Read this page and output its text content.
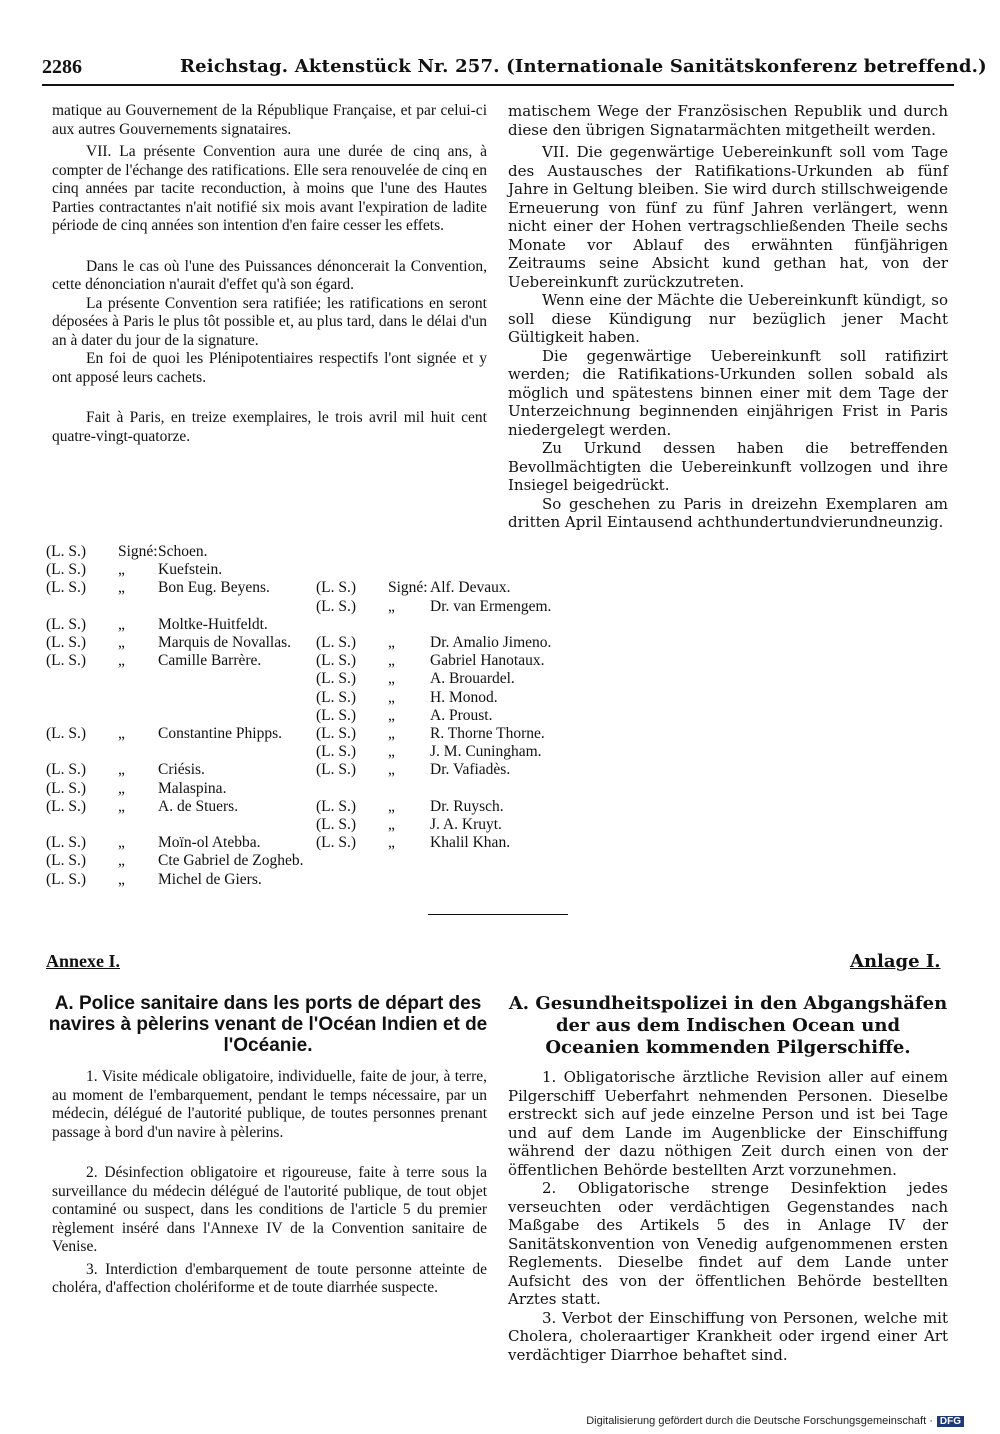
2286	Reichstag. Aktenstück Nr. 257. (Internationale Sanitätskonferenz betreffend.)

matique au Gouvernement de la République Française, et par celui-ci aux autres Gouvernements signataires.

VII. La présente Convention aura une durée de cinq ans, à compter de l'échange des ratifications. Elle sera renouvelée de cinq en cinq années par tacite reconduction, à moins que l'une des Hautes Parties contractantes n'ait notifié six mois avant l'expiration de ladite période de cinq années son intention d'en faire cesser les effets.

Dans le cas où l'une des Puissances dénoncerait la Convention, cette dénonciation n'aurait d'effet qu'à son égard.

La présente Convention sera ratifiée; les ratifications en seront déposées à Paris le plus tôt possible et, au plus tard, dans le délai d'un an à dater du jour de la signature.

En foi de quoi les Plénipotentiaires respectifs l'ont signée et y ont apposé leurs cachets.

Fait à Paris, en treize exemplaires, le trois avril mil huit cent quatre-vingt-quatorze.

matischem Wege der Französischen Republik und durch diese den übrigen Signatarmächten mitgetheilt werden.

VII. Die gegenwärtige Uebereinkunft soll vom Tage des Austausches der Ratifikations-Urkunden ab fünf Jahre in Geltung bleiben. Sie wird durch stillschweigende Erneuerung von fünf zu fünf Jahren verlängert, wenn nicht einer der Hohen vertragschließenden Theile sechs Monate vor Ablauf des erwähnten fünfjährigen Zeitraums seine Absicht kund gethan hat, von der Uebereinkunft zurückzutreten.

Wenn eine der Mächte die Uebereinkunft kündigt, so soll diese Kündigung nur bezüglich jener Macht Gültigkeit haben.

Die gegenwärtige Uebereinkunft soll ratifizirt werden; die Ratifikations-Urkunden sollen sobald als möglich und spätestens binnen einer mit dem Tage der Unterzeichnung beginnenden einjährigen Frist in Paris niedergelegt werden.

Zu Urkund dessen haben die betreffenden Bevollmächtigten die Uebereinkunft vollzogen und ihre Insiegel beigedrückt.

So geschehen zu Paris in dreizehn Exemplaren am dritten April Eintausend achthundertundvierundneunzig.

(L. S.) Signé: Schoen.
(L. S.) „ Kuefstein.
(L. S.) „ Bon Eug. Beyens.
(L. S.) „ Moltke-Huitfeldt.
(L. S.) „ Marquis de Novallas.
(L. S.) „ Camille Barrère.
(L. S.) „ Constantine Phipps.
(L. S.) „ Criésis.
(L. S.) „ Malaspina.
(L. S.) „ A. de Stuers.
(L. S.) „ Moïn-ol Atebba.
(L. S.) „ Cte Gabriel de Zogheb.
(L. S.) „ Michel de Giers.
(L. S.) Signé: Alf. Devaux.
(L. S.) „ Dr. van Ermengem.
(L. S.) „ Dr. Amalio Jimeno.
(L. S.) „ Gabriel Hanotaux.
(L. S.) „ A. Brouardel.
(L. S.) „ H. Monod.
(L. S.) „ A. Proust.
(L. S.) „ R. Thorne Thorne.
(L. S.) „ J. M. Cuningham.
(L. S.) „ Dr. Vafiadès.
(L. S.) „ Dr. Ruysch.
(L. S.) „ J. A. Kruyt.
(L. S.) „ Khalil Khan.
Annexe I.	Anlage I.
A. Police sanitaire dans les ports de départ des navires à pèlerins venant de l'Océan Indien et de l'Océanie.
A. Gesundheitspolizei in den Abgangshäfen der aus dem Indischen Ocean und Oceanien kommenden Pilgerschiffe.

1. Visite médicale obligatoire, individuelle, faite de jour, à terre, au moment de l'embarquement, pendant le temps nécessaire, par un médecin, délégué de l'autorité publique, de toutes personnes prenant passage à bord d'un navire à pèlerins.

2. Désinfection obligatoire et rigoureuse, faite à terre sous la surveillance du médecin délégué de l'autorité publique, de tout objet contaminé ou suspect, dans les conditions de l'article 5 du premier règlement inséré dans l'Annexe IV de la Convention sanitaire de Venise.

3. Interdiction d'embarquement de toute personne atteinte de choléra, d'affection cholériforme et de toute diarrhée suspecte.

1. Obligatorische ärztliche Revision aller auf einem Pilgerschiff Ueberfahrt nehmenden Personen. Dieselbe erstreckt sich auf jede einzelne Person und ist bei Tage und auf dem Lande im Augenblicke der Einschiffung während der dazu nöthigen Zeit durch einen von der öffentlichen Behörde bestellten Arzt vorzunehmen.

2. Obligatorische strenge Desinfektion jedes verseuchten oder verdächtigen Gegenstandes nach Maßgabe des Artikels 5 des in Anlage IV der Sanitätskonvention von Venedig aufgenommenen ersten Reglements. Dieselbe findet auf dem Lande unter Aufsicht des von der öffentlichen Behörde bestellten Arztes statt.

3. Verbot der Einschiffung von Personen, welche mit Cholera, choleraartiger Krankheit oder irgend einer Art verdächtiger Diarrhoe behaftet sind.

Digitalisierung gefördert durch die Deutsche Forschungsgemeinschaft · DFG
